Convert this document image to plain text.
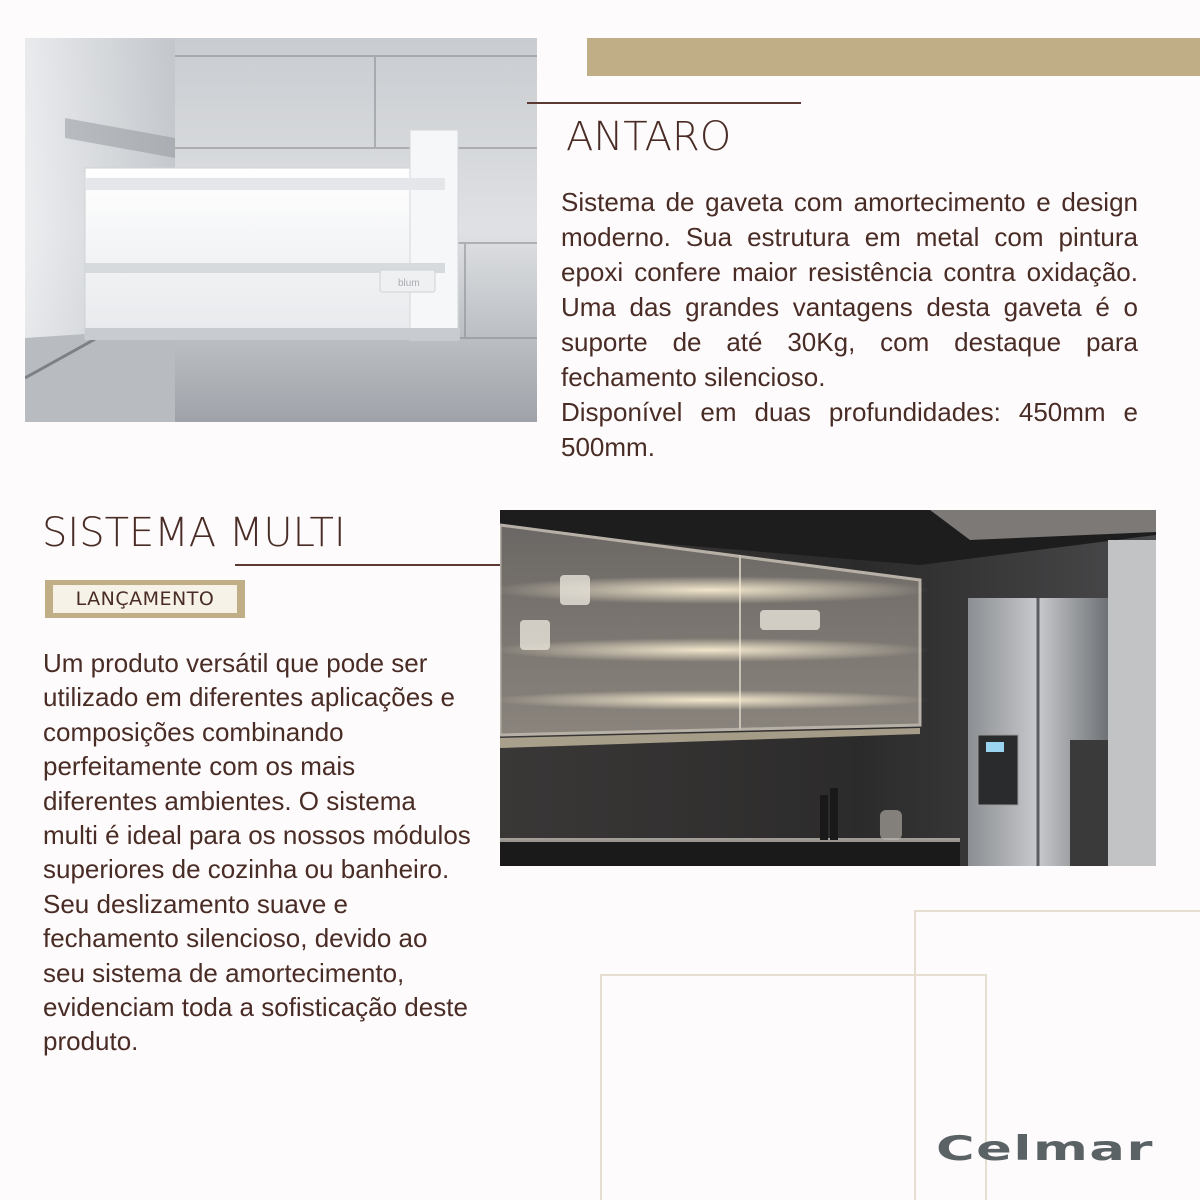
blum
ANTARO

Sistema de gaveta com amortecimento e design moderno. Sua estrutura em metal com pintura epoxi confere maior resistência contra oxidação. Uma das grandes vantagens desta gaveta é o suporte de até 30Kg, com destaque para fechamento silencioso.

Disponível em duas profundidades: 450mm e 500mm.

SISTEMA MULTI
LANÇAMENTO

Um produto versátil que pode ser utilizado em diferentes aplicações e composições combinando perfeitamente com os mais diferentes ambientes. O sistema multi é ideal para os nossos módulos superiores de cozinha ou banheiro. Seu deslizamento suave e fechamento silencioso, devido ao seu sistema de amortecimento, evidenciam toda a sofisticação deste produto.

Celmar
